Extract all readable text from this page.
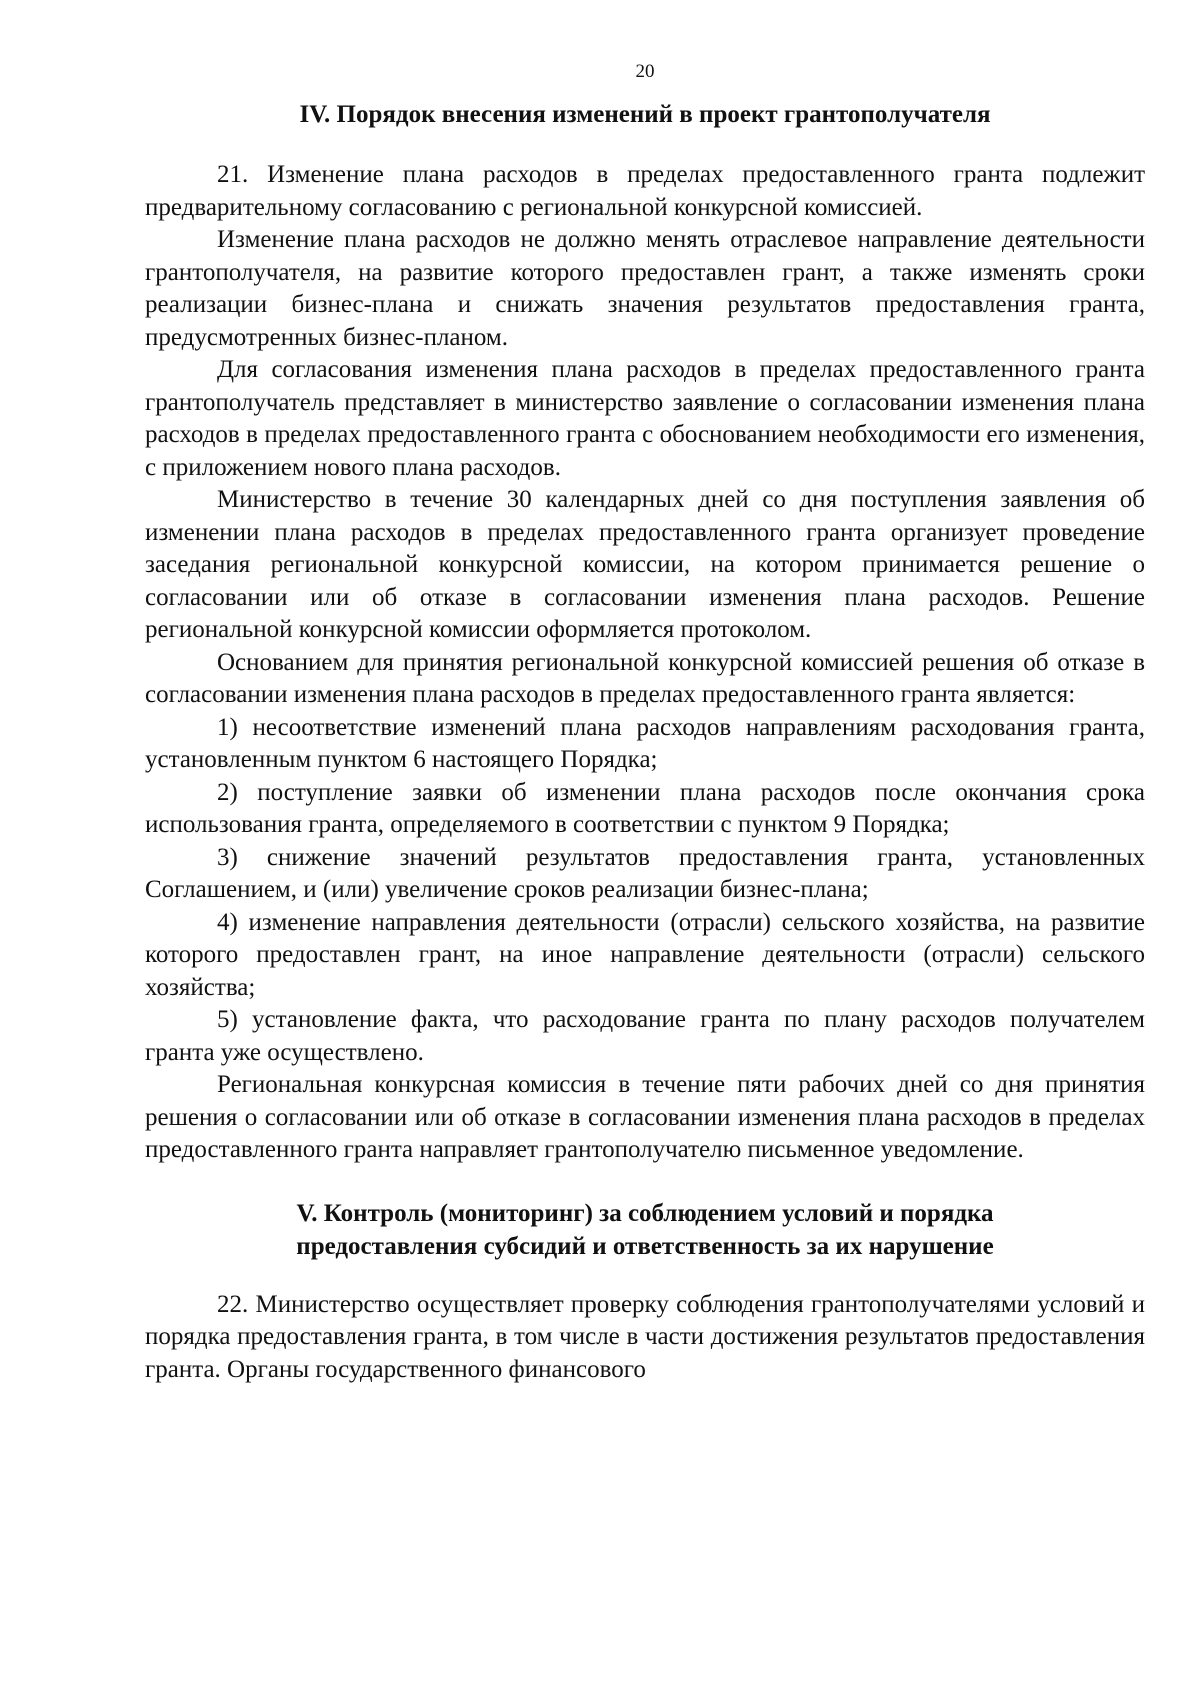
20
IV. Порядок внесения изменений в проект грантополучателя

21. Изменение плана расходов в пределах предоставленного гранта подлежит предварительному согласованию с региональной конкурсной комиссией.

Изменение плана расходов не должно менять отраслевое направление деятельности грантополучателя, на развитие которого предоставлен грант, а также изменять сроки реализации бизнес-плана и снижать значения результатов предоставления гранта, предусмотренных бизнес-планом.

Для согласования изменения плана расходов в пределах предоставленного гранта грантополучатель представляет в министерство заявление о согласовании изменения плана расходов в пределах предоставленного гранта с обоснованием необходимости его изменения, с приложением нового плана расходов.

Министерство в течение 30 календарных дней со дня поступления заявления об изменении плана расходов в пределах предоставленного гранта организует проведение заседания региональной конкурсной комиссии, на котором принимается решение о согласовании или об отказе в согласовании изменения плана расходов. Решение региональной конкурсной комиссии оформляется протоколом.

Основанием для принятия региональной конкурсной комиссией решения об отказе в согласовании изменения плана расходов в пределах предоставленного гранта является:

1) несоответствие изменений плана расходов направлениям расходования гранта, установленным пунктом 6 настоящего Порядка;

2) поступление заявки об изменении плана расходов после окончания срока использования гранта, определяемого в соответствии с пунктом 9 Порядка;

3) снижение значений результатов предоставления гранта, установленных Соглашением, и (или) увеличение сроков реализации бизнес-плана;

4) изменение направления деятельности (отрасли) сельского хозяйства, на развитие которого предоставлен грант, на иное направление деятельности (отрасли) сельского хозяйства;

5) установление факта, что расходование гранта по плану расходов получателем гранта уже осуществлено.

Региональная конкурсная комиссия в течение пяти рабочих дней со дня принятия решения о согласовании или об отказе в согласовании изменения плана расходов в пределах предоставленного гранта направляет грантополучателю письменное уведомление.

V. Контроль (мониторинг) за соблюдением условий и порядка
предоставления субсидий и ответственность за их нарушение

22. Министерство осуществляет проверку соблюдения грантополучателями условий и порядка предоставления гранта, в том числе в части достижения результатов предоставления гранта. Органы государственного финансового
